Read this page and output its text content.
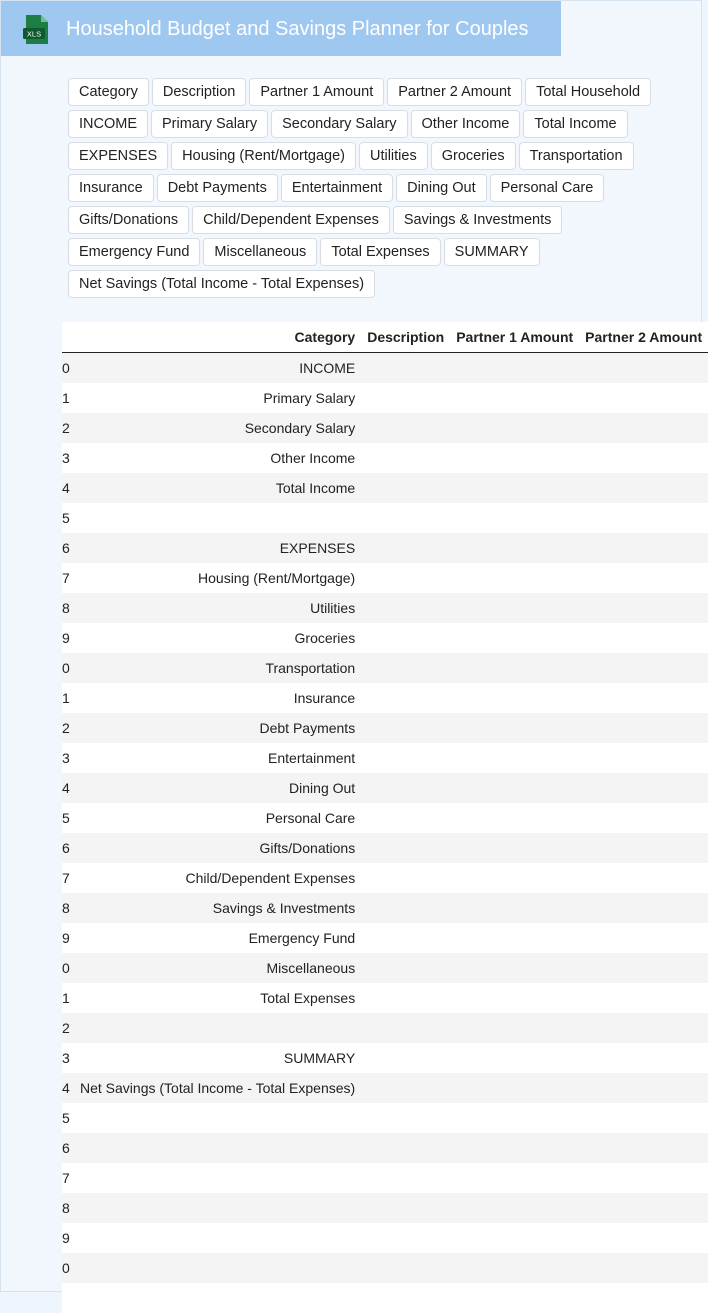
XLS Household Budget and Savings Planner for Couples
Category	Description	Partner 1 Amount	Partner 2 Amount	Total Household
INCOME	Primary Salary	Secondary Salary	Other Income	Total Income
EXPENSES	Housing (Rent/Mortgage)	Utilities	Groceries	Transportation
Insurance	Debt Payments	Entertainment	Dining Out	Personal Care
Gifts/Donations	Child/Dependent Expenses	Savings & Investments
Emergency Fund	Miscellaneous	Total Expenses	SUMMARY
Net Savings (Total Income - Total Expenses)
	Category	Description	Partner 1 Amount	Partner 2 Amount
0	INCOME			
1	Primary Salary			
2	Secondary Salary			
3	Other Income			
4	Total Income			
5				
6	EXPENSES			
7	Housing (Rent/Mortgage)			
8	Utilities			
9	Groceries			
0	Transportation			
1	Insurance			
2	Debt Payments			
3	Entertainment			
4	Dining Out			
5	Personal Care			
6	Gifts/Donations			
7	Child/Dependent Expenses			
8	Savings & Investments			
9	Emergency Fund			
0	Miscellaneous			
1	Total Expenses			
2				
3	SUMMARY			
4	Net Savings (Total Income - Total Expenses)			
5				
6				
7				
8				
9				
0				
